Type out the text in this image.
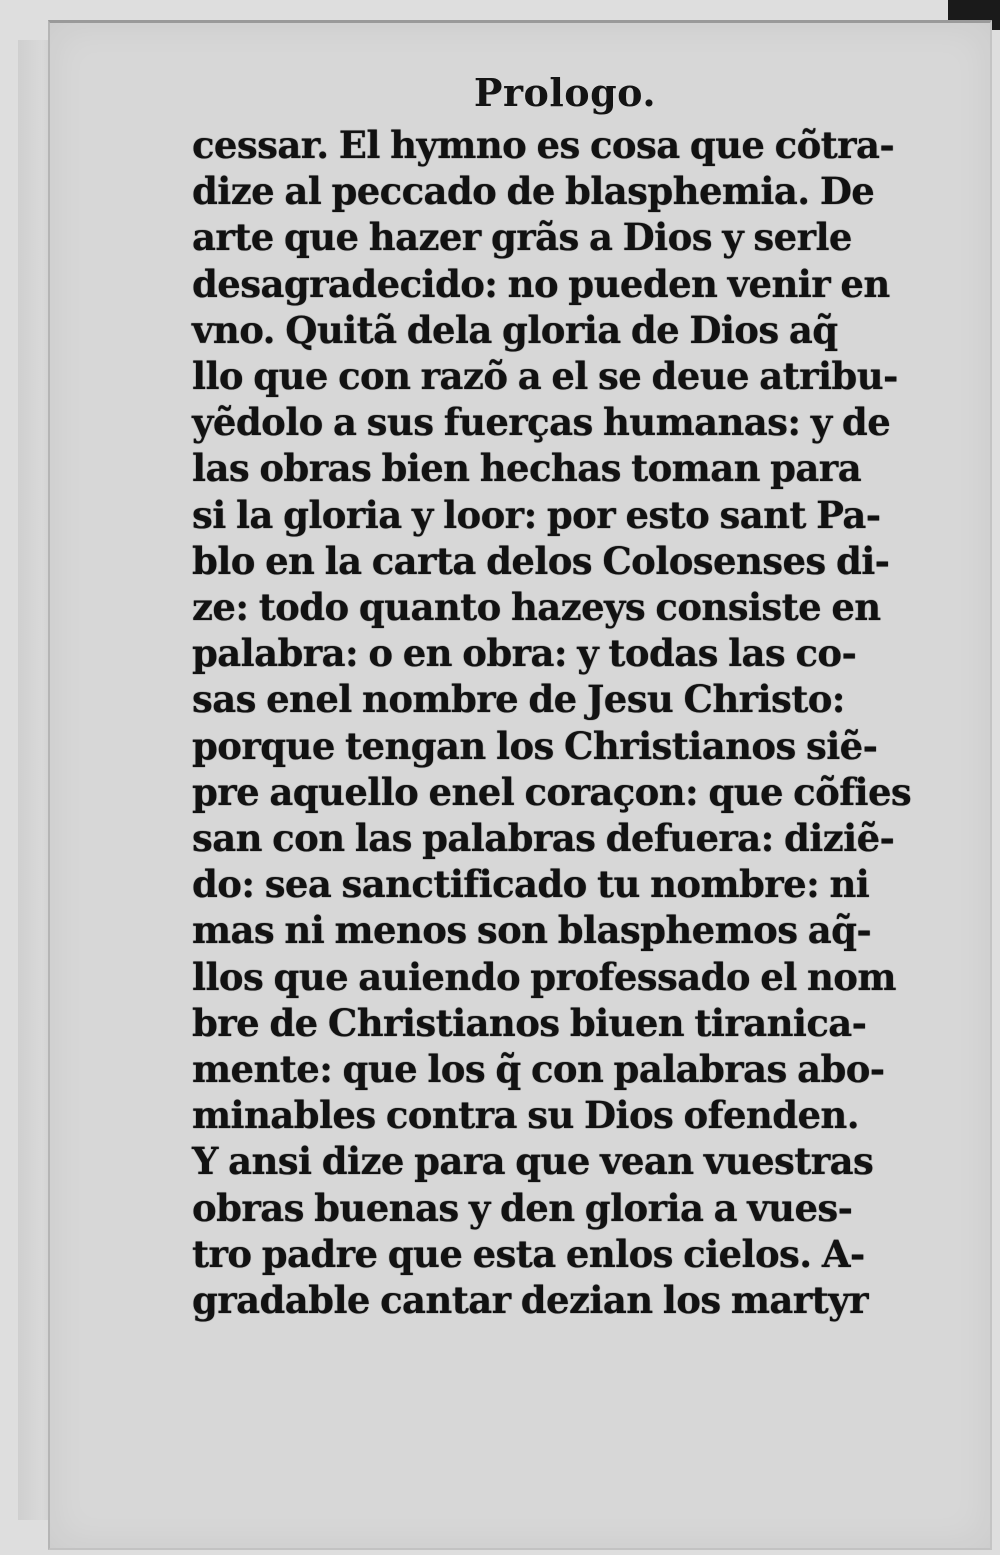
Prologo.
cessar. El hymno es cosa que cõtra-
dize al peccado de blasphemia. De
arte que hazer grãs a Dios y serle
desagradecido: no pueden venir en
vno. Quitã dela gloria de Dios aq̃
llo que con razõ a el se deue atribu-
yẽdolo a sus fuerças humanas: y de
las obras bien hechas toman para
si la gloria y loor: por esto sant Pa-
blo en la carta delos Colosenses di-
ze: todo quanto hazeys consiste en
palabra: o en obra: y todas las co-
sas enel nombre de Jesu Christo:
porque tengan los Christianos siẽ-
pre aquello enel coraçon: que cõfies
san con las palabras defuera: diziẽ-
do: sea sanctificado tu nombre: ni
mas ni menos son blasphemos aq̃-
llos que auiendo professado el nom
bre de Christianos biuen tiranica-
mente: que los q̃ con palabras abo-
minables contra su Dios ofenden.
Y ansi dize para que vean vuestras
obras buenas y den gloria a vues-
tro padre que esta enlos cielos. A-
gradable cantar dezian los martyr
